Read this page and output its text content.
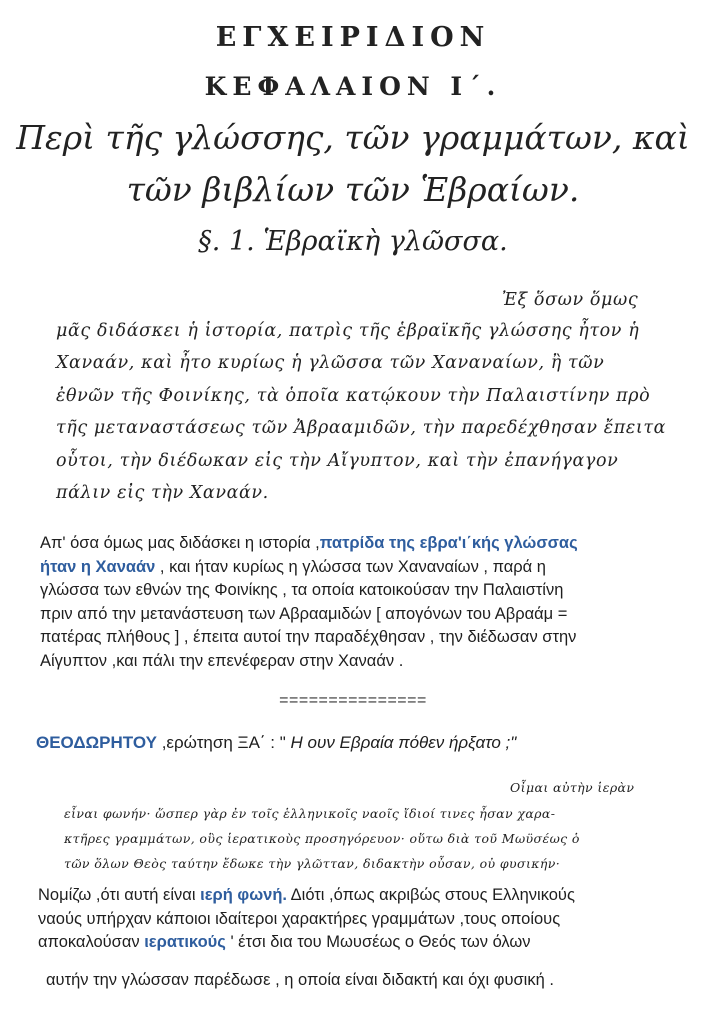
ΕΓΧΕΙΡΙΔΙΟΝ
ΚΕΦΑΛΑΙΟΝ Ι΄.
Περὶ τῆς γλώσσης, τῶν γραμμάτων, καὶ
τῶν βιβλίων τῶν Ἑβραίων.
§. 1. Ἑβραϊκὴ γλῶσσα.
Ἐξ ὅσων ὅμως
μᾶς διδάσκει ἡ ἱστορία, πατρὶς τῆς ἑβραϊκῆς γλώσσης ἦτον ἡ
Χαναάν, καὶ ἦτο κυρίως ἡ γλῶσσα τῶν Χαναναίων, ἢ τῶν
ἐθνῶν τῆς Φοινίκης, τὰ ὁποῖα κατῴκουν τὴν Παλαιστίνην πρὸ
τῆς μεταναστάσεως τῶν Ἀβρααμιδῶν, τὴν παρεδέχθησαν ἔπειτα
οὗτοι, τὴν διέδωκαν εἰς τὴν Αἴγυπτον, καὶ τὴν ἐπανήγαγον
πάλιν εἰς τὴν Χαναάν.
Απ' όσα όμως μας διδάσκει η ιστορία ,πατρίδα της εβρα'ι΄κής γλώσσας
ήταν η Χαναάν , και ήταν κυρίως η γλώσσα των Χαναναίων , παρά η
γλώσσα των εθνών της Φοινίκης , τα οποία κατοικούσαν την Παλαιστίνη
πριν από την μετανάστευση των Αβρααμιδών [ απογόνων του Αβραάμ =
πατέρας πλήθους ] , έπειτα αυτοί την παραδέχθησαν , την διέδωσαν στην
Αίγυπτον ,και πάλι την επενέφεραν στην Χαναάν .
===============
ΘΕΟΔΩΡΗΤΟΥ ,ερώτηση ΞΑ΄ : " Η ουν Εβραία πόθεν ήρξατο ;"
Οἶμαι αὐτὴν ἱερὰν
εἶναι φωνήν· ὥσπερ γὰρ ἐν τοῖς ἑλληνικοῖς ναοῖς ἴδιοί τινες ἦσαν χαρα-
κτῆρες γραμμάτων, οὓς ἱερατικοὺς προσηγόρευον· οὕτω διὰ τοῦ Μωϋσέως ὁ
τῶν ὅλων Θεὸς ταύτην ἔδωκε τὴν γλῶτταν, διδακτὴν οὖσαν, οὐ φυσικήν·
Νομίζω ,ότι αυτή είναι ιερή φωνή. Διότι ,όπως ακριβώς στους Ελληνικούς
ναούς υπήρχαν κάποιοι ιδαίτεροι χαρακτήρες γραμμάτων ,τους οποίους
αποκαλούσαν ιερατικούς ' έτσι δια του Μωυσέως ο Θεός των όλων
αυτήν την γλώσσαν παρέδωσε , η οποία είναι διδακτή και όχι φυσική .
